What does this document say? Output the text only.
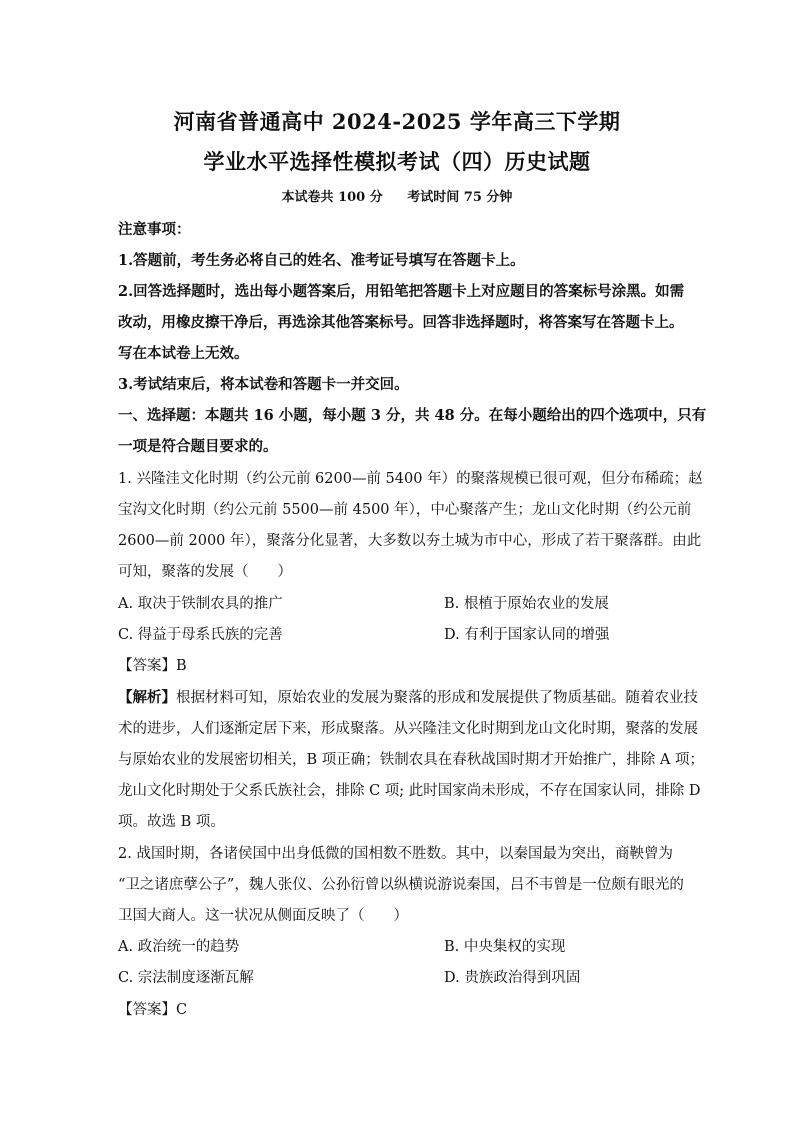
河南省普通高中 2024-2025 学年高三下学期
学业水平选择性模拟考试（四）历史试题
本试卷共 100 分 考试时间 75 分钟
注意事项：
1.答题前，考生务必将自己的姓名、准考证号填写在答题卡上。
2.回答选择题时，选出每小题答案后，用铅笔把答题卡上对应题目的答案标号涂黑。如需
改动，用橡皮擦干净后，再选涂其他答案标号。回答非选择题时，将答案写在答题卡上。
写在本试卷上无效。
3.考试结束后，将本试卷和答题卡一并交回。
一、选择题：本题共 16 小题，每小题 3 分，共 48 分。在每小题给出的四个选项中，只有
一项是符合题目要求的。
1. 兴隆洼文化时期（约公元前 6200—前 5400 年）的聚落规模已很可观，但分布稀疏；赵
宝沟文化时期（约公元前 5500—前 4500 年），中心聚落产生；龙山文化时期（约公元前
2600—前 2000 年），聚落分化显著，大多数以夯土城为市中心，形成了若干聚落群。由此
可知，聚落的发展（　　）
A. 取决于铁制农具的推广	B. 根植于原始农业的发展
C. 得益于母系氏族的完善	D. 有利于国家认同的增强
【答案】B
【解析】根据材料可知，原始农业的发展为聚落的形成和发展提供了物质基础。随着农业技
术的进步，人们逐渐定居下来，形成聚落。从兴隆洼文化时期到龙山文化时期，聚落的发展
与原始农业的发展密切相关，B 项正确；铁制农具在春秋战国时期才开始推广，排除 A 项；
龙山文化时期处于父系氏族社会，排除 C 项; 此时国家尚未形成，不存在国家认同，排除 D
项。故选 B 项。
2. 战国时期，各诸侯国中出身低微的国相数不胜数。其中，以秦国最为突出，商鞅曾为
“卫之诸庶孽公子”，魏人张仪、公孙衍曾以纵横说游说秦国，吕不韦曾是一位颇有眼光的
卫国大商人。这一状况从侧面反映了（　　）
A. 政治统一的趋势	B. 中央集权的实现
C. 宗法制度逐渐瓦解	D. 贵族政治得到巩固
【答案】C
